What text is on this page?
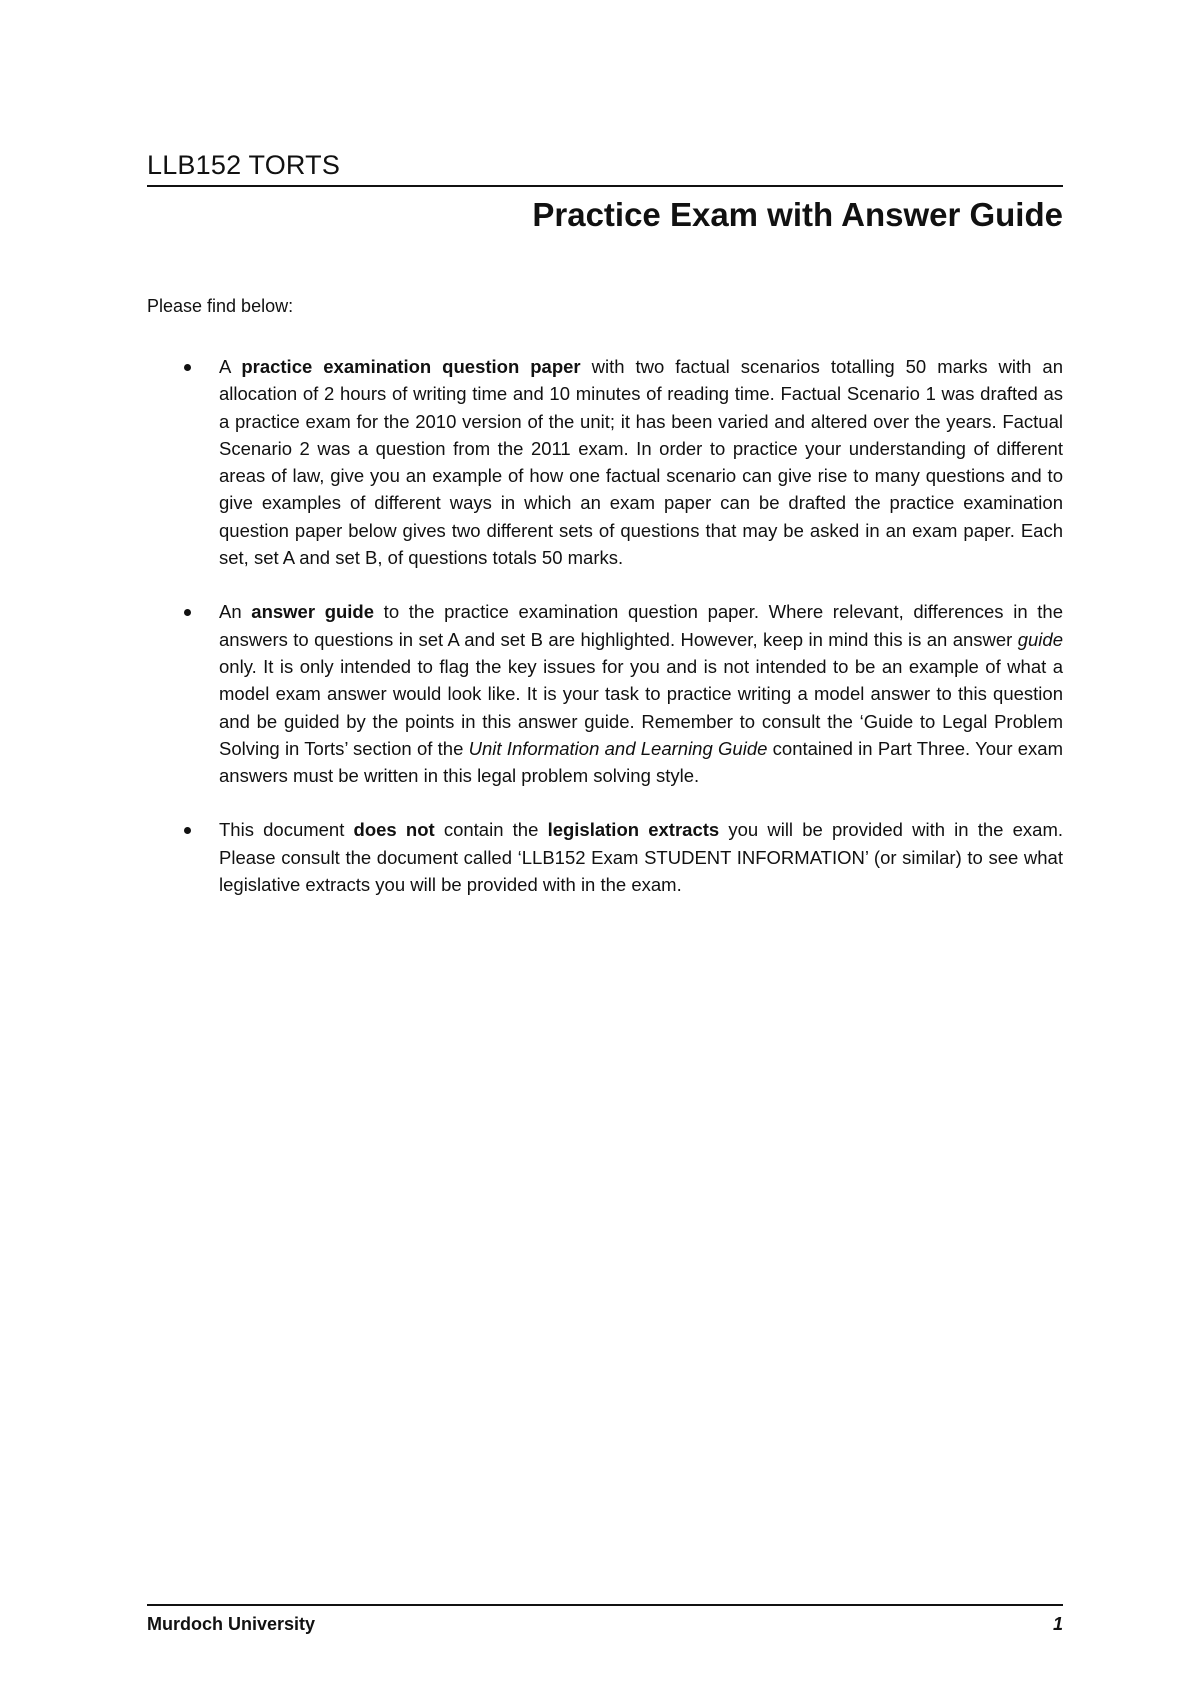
LLB152 TORTS
Practice Exam with Answer Guide
Please find below:
A practice examination question paper with two factual scenarios totalling 50 marks with an allocation of 2 hours of writing time and 10 minutes of reading time. Factual Scenario 1 was drafted as a practice exam for the 2010 version of the unit; it has been varied and altered over the years. Factual Scenario 2 was a question from the 2011 exam. In order to practice your understanding of different areas of law, give you an example of how one factual scenario can give rise to many questions and to give examples of different ways in which an exam paper can be drafted the practice examination question paper below gives two different sets of questions that may be asked in an exam paper. Each set, set A and set B, of questions totals 50 marks.
An answer guide to the practice examination question paper. Where relevant, differences in the answers to questions in set A and set B are highlighted. However, keep in mind this is an answer guide only. It is only intended to flag the key issues for you and is not intended to be an example of what a model exam answer would look like. It is your task to practice writing a model answer to this question and be guided by the points in this answer guide. Remember to consult the ‘Guide to Legal Problem Solving in Torts’ section of the Unit Information and Learning Guide contained in Part Three. Your exam answers must be written in this legal problem solving style.
This document does not contain the legislation extracts you will be provided with in the exam. Please consult the document called ‘LLB152 Exam STUDENT INFORMATION’ (or similar) to see what legislative extracts you will be provided with in the exam.
Murdoch University	1
